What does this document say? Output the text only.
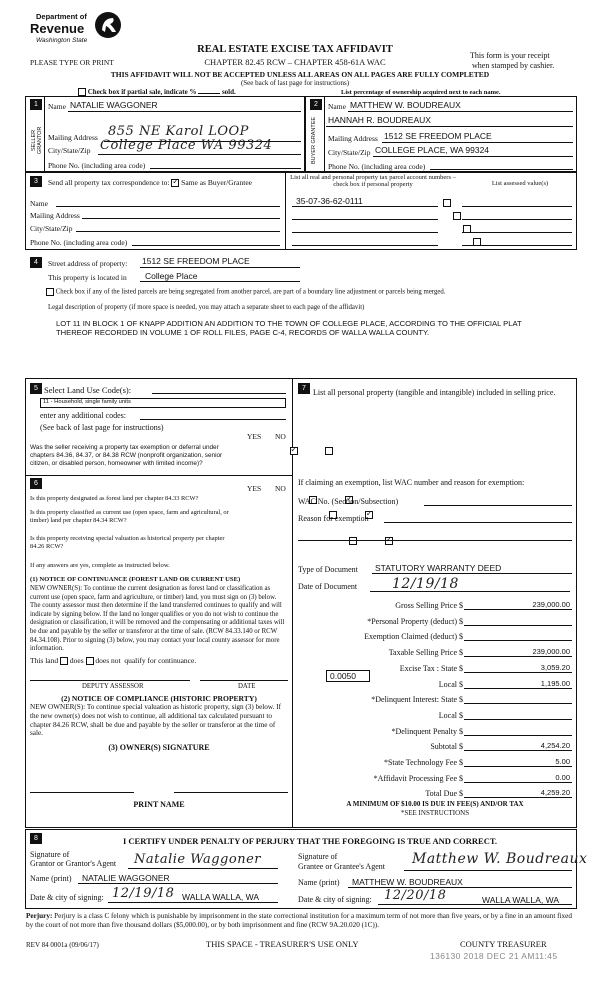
Department of
Revenue
Washington State
PLEASE TYPE OR PRINT
REAL ESTATE EXCISE TAX AFFIDAVIT
CHAPTER 82.45 RCW – CHAPTER 458-61A WAC
This form is your receipt
when stamped by cashier.
THIS AFFIDAVIT WILL NOT BE ACCEPTED UNLESS ALL AREAS ON ALL PAGES ARE FULLY COMPLETED
(See back of last page for instructions)
Check box if partial sale, indicate %	sold.	List percentage of ownership acquired next to each name.
1	2
SELLER GRANTOR	BUYER GRANTEE
Name NATALIE WAGGONER
Mailing Address 855 NE Karol LOOP
City/State/Zip College Place WA 99324
Phone No. (including area code)
Name MATTHEW W. BOUDREAUX
HANNAH R. BOUDREAUX
Mailing Address 1512 SE FREEDOM PLACE
City/State/Zip COLLEGE PLACE, WA 99324
Phone No. (including area code)
3	Send all property tax correspondence to: ✓ Same as Buyer/Grantee
Name
Mailing Address
City/State/Zip
Phone No. (including area code)
List all real and personal property tax parcel account numbers – check box if personal property	List assessed value(s)
35-07-36-62-0111

4	Street address of property: 1512 SE FREEDOM PLACE
This property is located in College Place
Check box if any of the listed parcels are being segregated from another parcel, are part of a boundary line adjustment or parcels being merged.
Legal description of property (if more space is needed, you may attach a separate sheet to each page of the affidavit)
LOT 11 IN BLOCK 1 OF KNAPP ADDITION AN ADDITION TO THE TOWN OF COLLEGE PLACE, ACCORDING TO THE OFFICIAL PLAT THEREOF RECORDED IN VOLUME 1 OF ROLL FILES, PAGE C-4, RECORDS OF WALLA WALLA COUNTY.
5 Select Land Use Code(s):
11 - Household, single family units
enter any additional codes:
(See back of last page for instructions)
YES NO
Was the seller receiving a property tax exemption or deferral under chapters 84.36, 84.37, or 84.38 RCW (nonprofit organization, senior citizen, or disabled person, homeowner with limited income)?
✓
6
YES NO
Is this property designated as forest land per chapter 84.33 RCW?
✓
Is this property classified as current use (open space, farm and agricultural, or timber) land per chapter 84.34 RCW?
✓
Is this property receiving special valuation as historical property per chapter 84.26 RCW?
✓
If any answers are yes, complete as instructed below.
(1) NOTICE OF CONTINUANCE (FOREST LAND OR CURRENT USE)
NEW OWNER(S): To continue the current designation as forest land or classification as current use (open space, farm and agriculture, or timber) land, you must sign on (3) below. The county assessor must then determine if the land transferred continues to qualify and will indicate by signing below. If the land no longer qualifies or you do not wish to continue the designation or classification, it will be removed and the compensating or additional taxes will be due and payable by the seller or transferor at the time of sale. (RCW 84.33.140 or RCW 84.34.108). Prior to signing (3) below, you may contact your local county assessor for more information.
This land does does not qualify for continuance.
DEPUTY ASSESSOR	DATE
(2) NOTICE OF COMPLIANCE (HISTORIC PROPERTY)
NEW OWNER(S): To continue special valuation as historic property, sign (3) below. If the new owner(s) does not wish to continue, all additional tax calculated pursuant to chapter 84.26 RCW, shall be due and payable by the seller or transferor at the time of sale.
(3) OWNER(S) SIGNATURE
PRINT NAME
7 List all personal property (tangible and intangible) included in selling price.
If claiming an exemption, list WAC number and reason for exemption:
WAC No. (Section/Subsection)
Reason for exemption
Type of Document STATUTORY WARRANTY DEED
Date of Document 12/19/18
Gross Selling Price $	239,000.00
*Personal Property (deduct) $
Exemption Claimed (deduct) $
Taxable Selling Price $	239,000.00
Excise Tax : State $	3,059.20
Local $	1,195.00
*Delinquent Interest: State $
Local $
*Delinquent Penalty $
Subtotal $	4,254.20
*State Technology Fee $	5.00
*Affidavit Processing Fee $	0.00
Total Due $	4,259.20
0.0050
A MINIMUM OF $10.00 IS DUE IN FEE(S) AND/OR TAX
*SEE INSTRUCTIONS
8	I CERTIFY UNDER PENALTY OF PERJURY THAT THE FOREGOING IS TRUE AND CORRECT.
Signature of
Grantor or Grantor's Agent Natalie Waggoner
Name (print) NATALIE WAGGONER
Date & city of signing: 12/19/18 WALLA WALLA, WA
Signature of
Grantee or Grantee's Agent Matthew W. Boudreaux
Name (print) MATTHEW W. BOUDREAUX
Date & city of signing: 12/20/18	WALLA WALLA, WA
Perjury: Perjury is a class C felony which is punishable by imprisonment in the state correctional institution for a maximum term of not more than five years, or by a fine in an amount fixed by the court of not more than five thousand dollars ($5,000.00), or by both imprisonment and fine (RCW 9A.20.020 (1C)).
REV 84 0001a (09/06/17)	THIS SPACE - TREASURER'S USE ONLY	COUNTY TREASURER
136130 2018 DEC 21 AM11:45
